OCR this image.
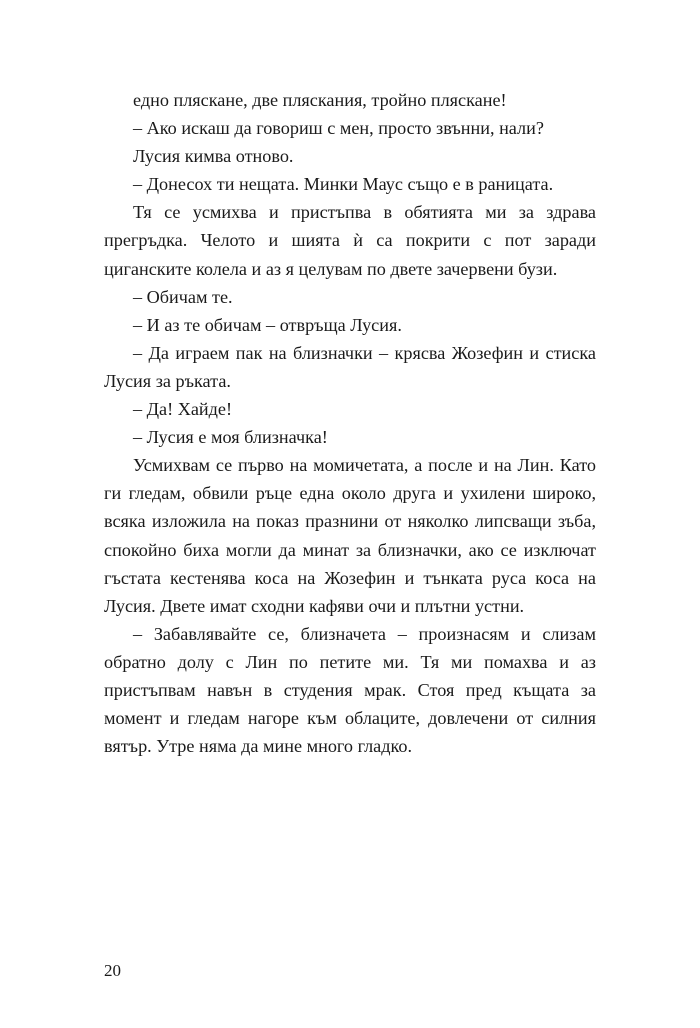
едно пляскане, две пляскания, тройно пляскане!

– Ако искаш да говориш с мен, просто звънни, нали?

Лусия кимва отново.

– Донесох ти нещата. Минки Маус също е в раницата.

Тя се усмихва и пристъпва в обятията ми за здрава прегръдка. Челото и шията ѝ са покрити с пот заради циганските колела и аз я целувам по двете зачервени бузи.

– Обичам те.

– И аз те обичам – отвръща Лусия.

– Да играем пак на близначки – крясва Жозефин и стиска Лусия за ръката.

– Да! Хайде!

– Лусия е моя близначка!

Усмихвам се първо на момичетата, а после и на Лин. Като ги гледам, обвили ръце една около друга и ухилени широко, всяка изложила на показ празнини от няколко липсващи зъба, спокойно биха могли да минат за близначки, ако се изключат гъстата кестенява коса на Жозефин и тънката руса коса на Лусия. Двете имат сходни кафяви очи и плътни устни.

– Забавлявайте се, близначета – произнасям и слизам обратно долу с Лин по петите ми. Тя ми помахва и аз пристъпвам навън в студения мрак. Стоя пред къщата за момент и гледам нагоре към облаците, довлечени от силния вятър. Утре няма да мине много гладко.

20
